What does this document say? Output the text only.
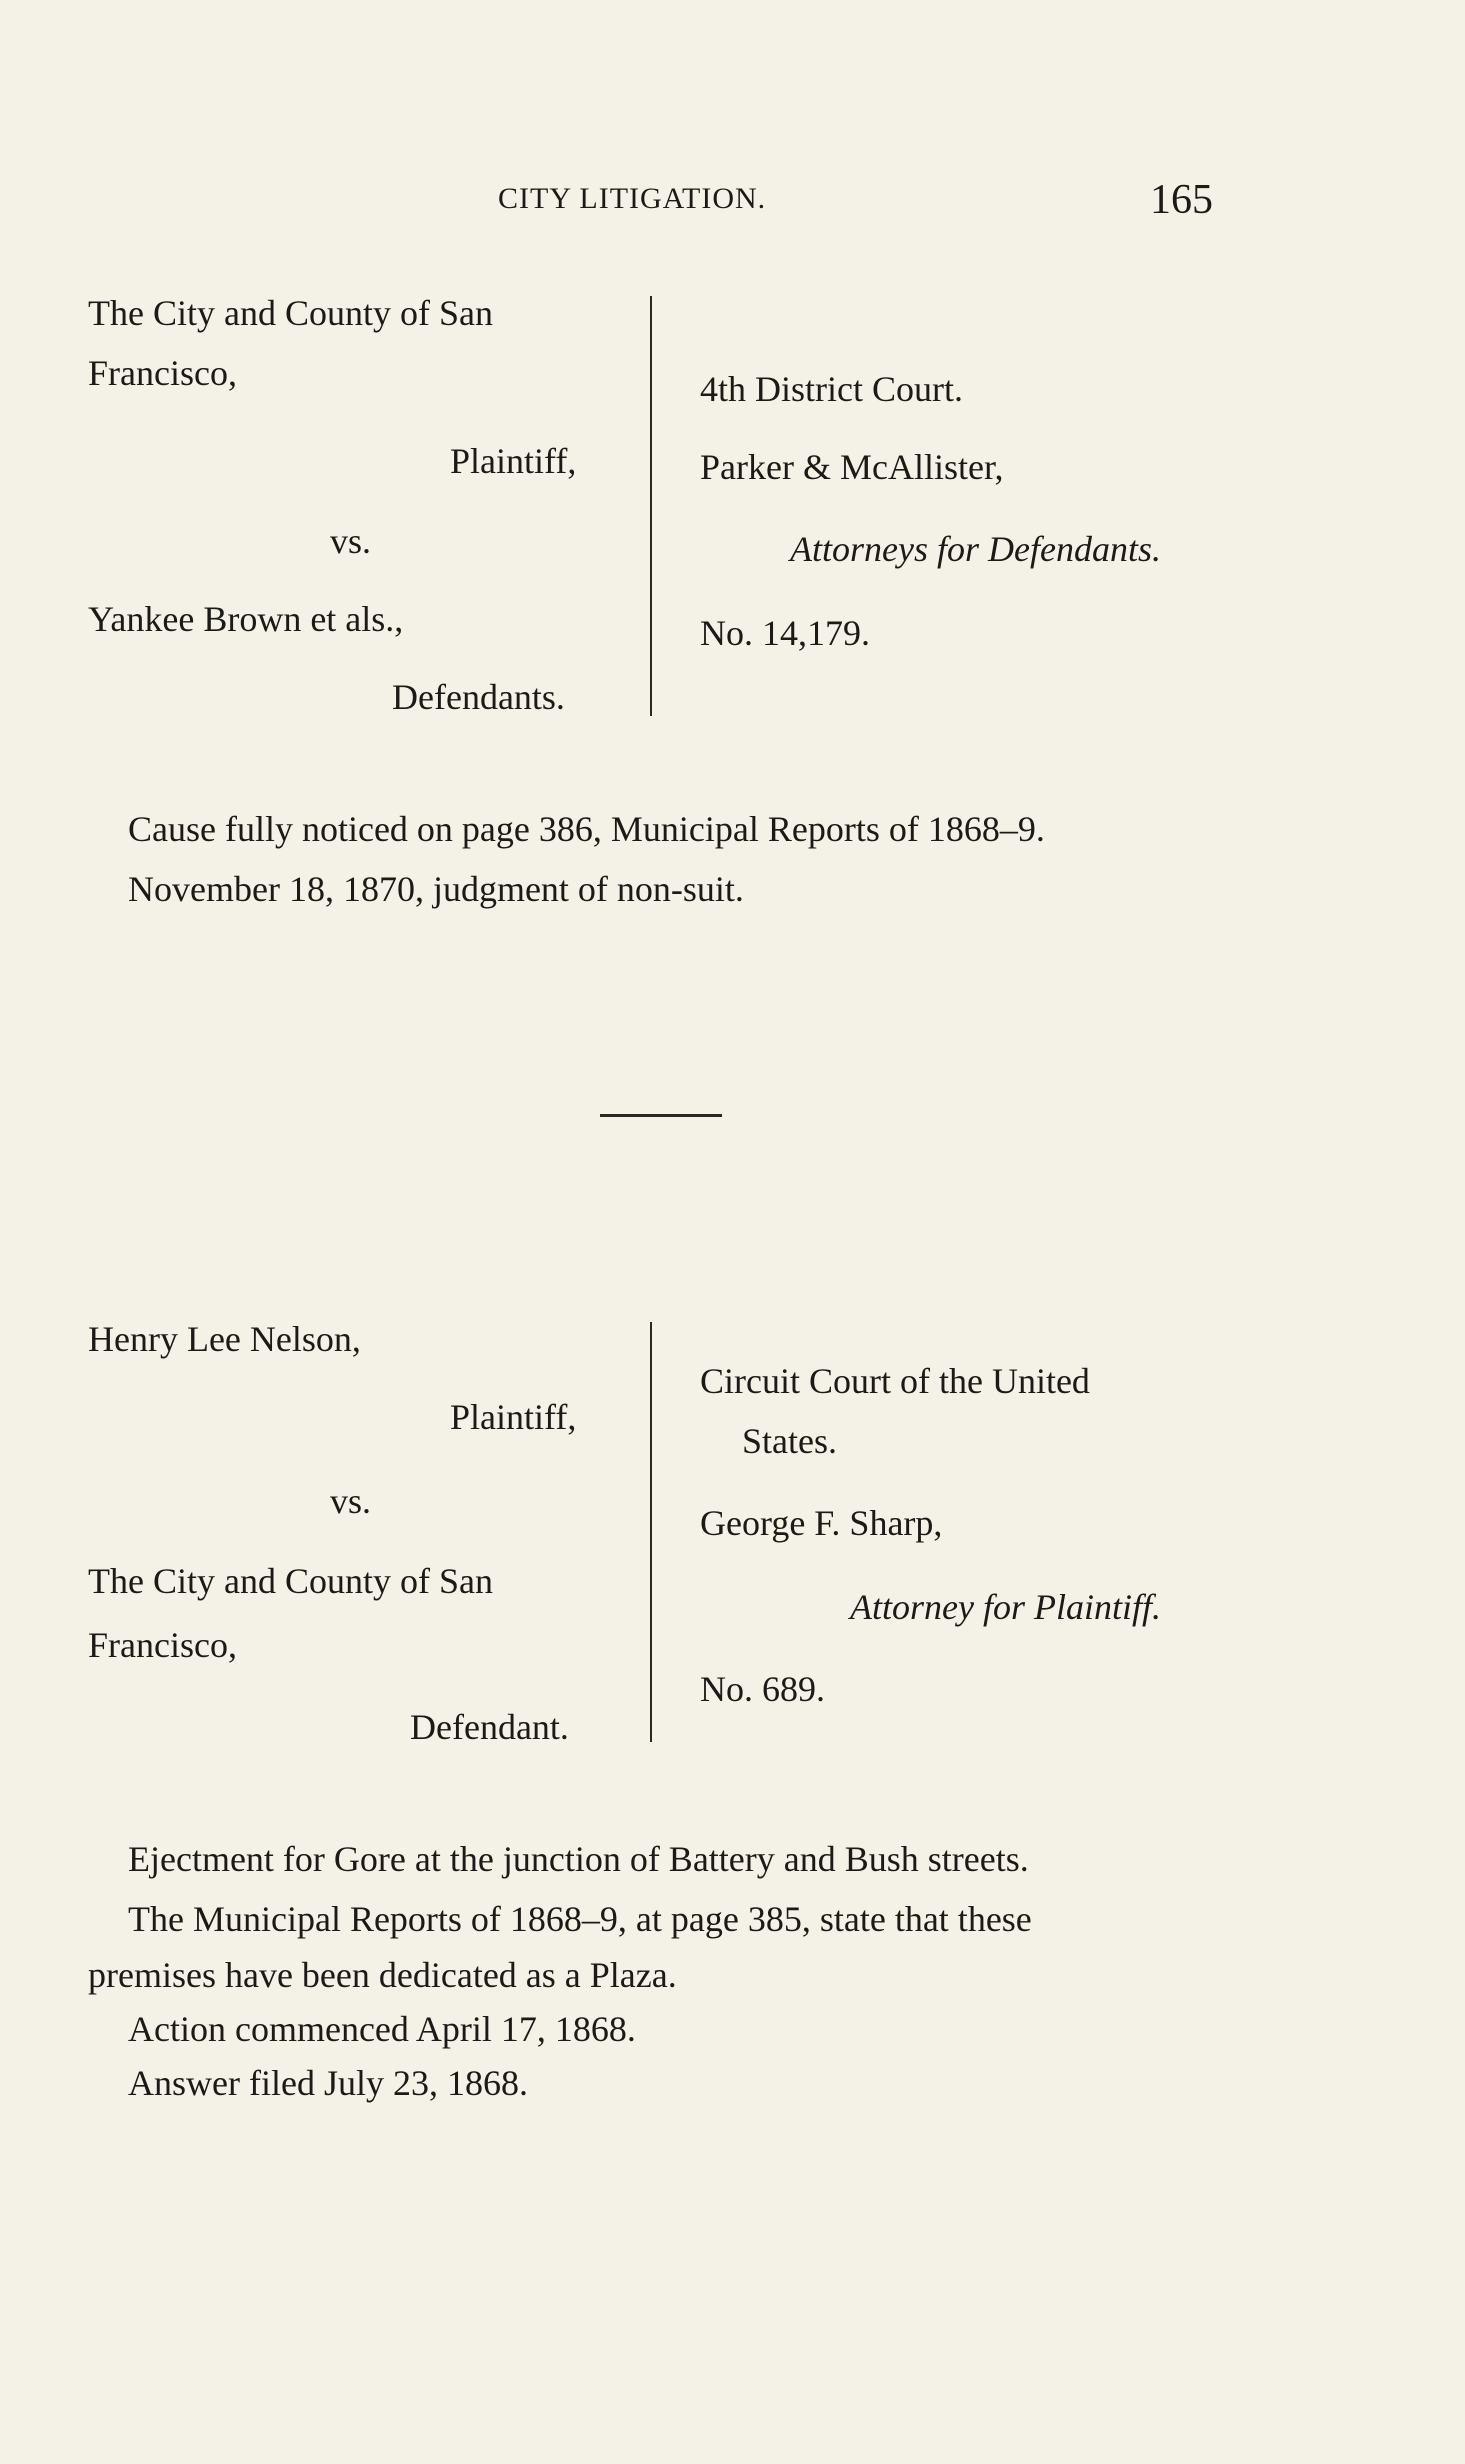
CITY LITIGATION.	165
The City and County of San
Francisco,
Plaintiff,
vs.
Yankee Brown et als.,
Defendants.
4th District Court.
Parker & McAllister,
Attorneys for Defendants.
No. 14,179.
Cause fully noticed on page 386, Municipal Reports of 1868–9.
November 18, 1870, judgment of non-suit.
Henry Lee Nelson,
Plaintiff,
vs.
The City and County of San
Francisco,
Defendant.
Circuit Court of the United
States.
George F. Sharp,
Attorney for Plaintiff.
No. 689.
Ejectment for Gore at the junction of Battery and Bush streets.
The Municipal Reports of 1868–9, at page 385, state that these
premises have been dedicated as a Plaza.
Action commenced April 17, 1868.
Answer filed July 23, 1868.
